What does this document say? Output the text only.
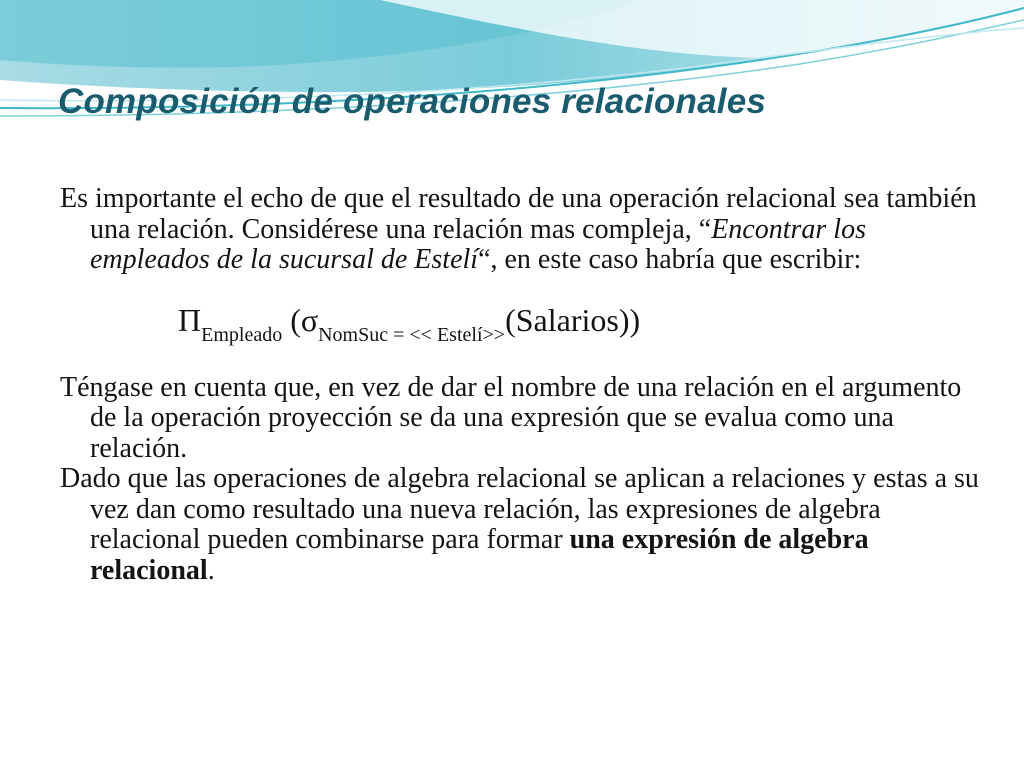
Composición de operaciones relacionales

Es importante el echo de que el resultado de una operación relacional sea también una relación. Considérese una relación mas compleja, “Encontrar los empleados de la sucursal de Estelí“, en este caso habría que escribir:

$\Pi_{Empleado}$ $(\sigma_{NomSuc = << Estelí>>}(Salarios))$

Téngase en cuenta que, en vez de dar el nombre de una relación en el argumento de la operación proyección se da una expresión que se evalua como una relación.

Dado que las operaciones de algebra relacional se aplican a relaciones y estas a su vez dan como resultado una nueva relación, las expresiones de algebra relacional pueden combinarse para formar una expresión de algebra relacional.
